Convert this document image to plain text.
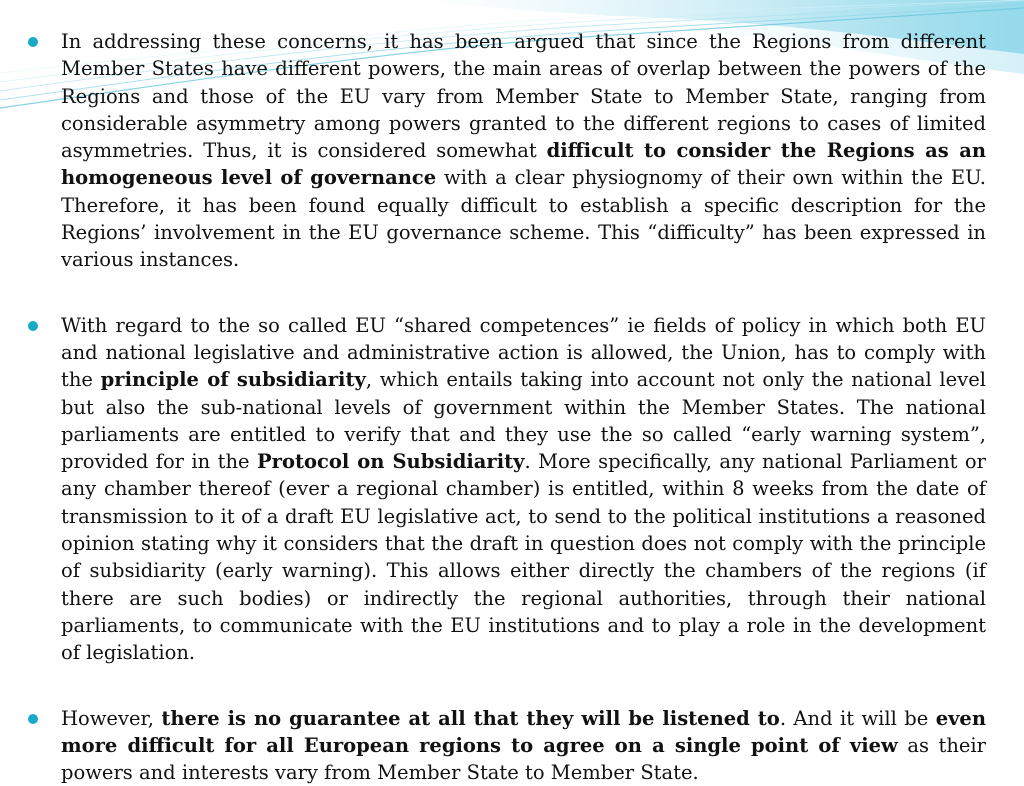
In addressing these concerns, it has been argued that since the Regions from different Member States have different powers, the main areas of overlap between the powers of the Regions and those of the EU vary from Member State to Member State, ranging from considerable asymmetry among powers granted to the different regions to cases of limited asymmetries. Thus, it is considered somewhat difficult to consider the Regions as an homogeneous level of governance with a clear physiognomy of their own within the EU. Therefore, it has been found equally difficult to establish a specific description for the Regions’ involvement in the EU governance scheme. This “difficulty” has been expressed in various instances.
With regard to the so called EU “shared competences” ie fields of policy in which both EU and national legislative and administrative action is allowed, the Union, has to comply with the principle of subsidiarity, which entails taking into account not only the national level but also the sub-national levels of government within the Member States. The national parliaments are entitled to verify that and they use the so called “early warning system”, provided for in the Protocol on Subsidiarity. More specifically, any national Parliament or any chamber thereof (ever a regional chamber) is entitled, within 8 weeks from the date of transmission to it of a draft EU legislative act, to send to the political institutions a reasoned opinion stating why it considers that the draft in question does not comply with the principle of subsidiarity (early warning). This allows either directly the chambers of the regions (if there are such bodies) or indirectly the regional authorities, through their national parliaments, to communicate with the EU institutions and to play a role in the development of legislation.
However, there is no guarantee at all that they will be listened to. And it will be even more difficult for all European regions to agree on a single point of view as their powers and interests vary from Member State to Member State.
